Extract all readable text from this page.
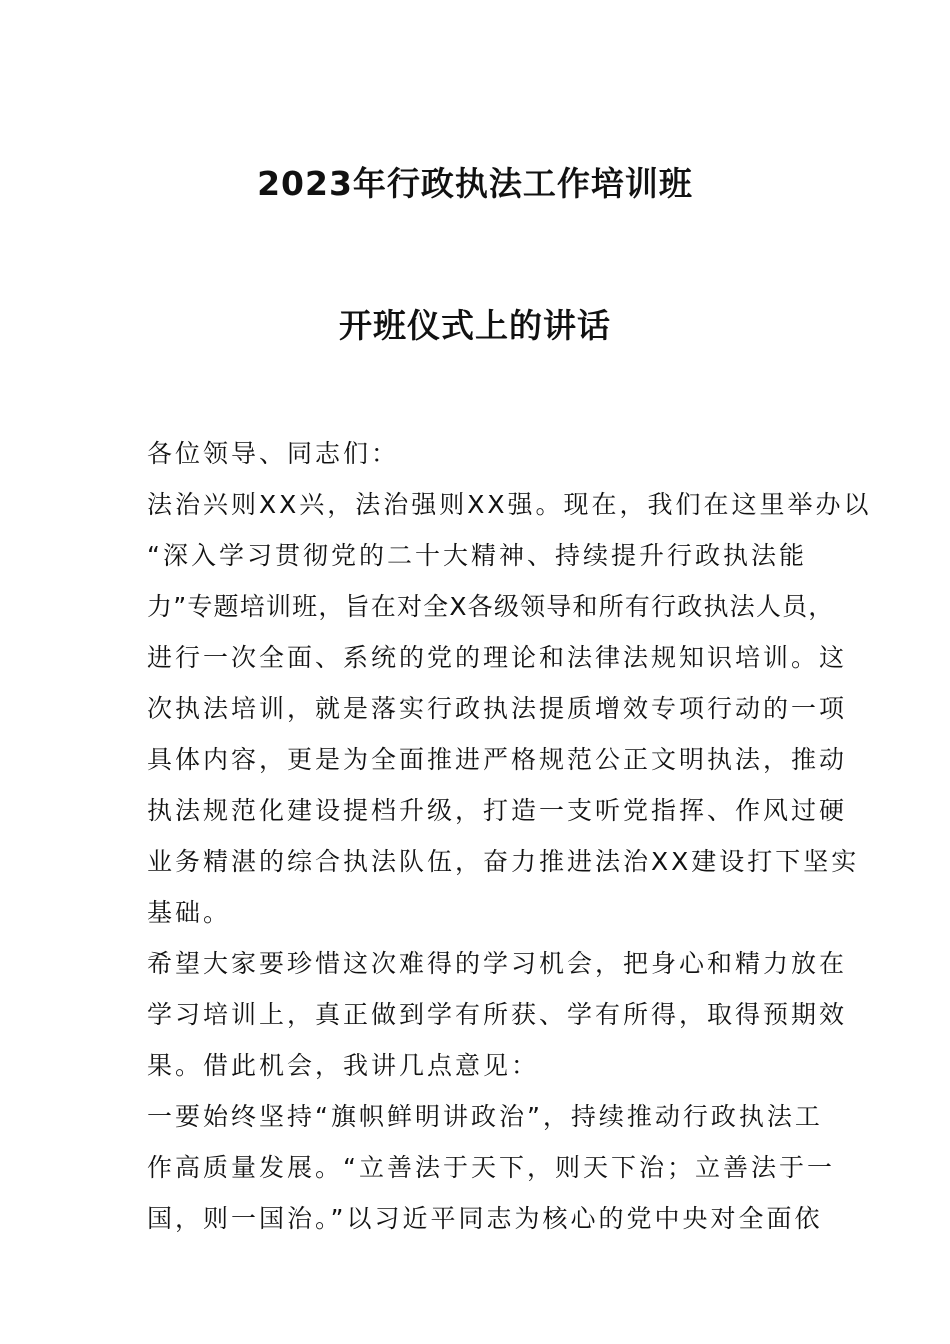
2023年行政执法工作培训班
开班仪式上的讲话
各位领导、同志们：
法治兴则XX兴，法治强则XX强。现在，我们在这里举办以
“深入学习贯彻党的二十大精神、持续提升行政执法能
力”专题培训班，旨在对全X各级领导和所有行政执法人员，
进行一次全面、系统的党的理论和法律法规知识培训。这
次执法培训，就是落实行政执法提质增效专项行动的一项
具体内容，更是为全面推进严格规范公正文明执法，推动
执法规范化建设提档升级，打造一支听党指挥、作风过硬
业务精湛的综合执法队伍，奋力推进法治XX建设打下坚实
基础。
希望大家要珍惜这次难得的学习机会，把身心和精力放在
学习培训上，真正做到学有所获、学有所得，取得预期效
果。借此机会，我讲几点意见：
一要始终坚持“旗帜鲜明讲政治”，持续推动行政执法工
作高质量发展。“立善法于天下，则天下治；立善法于一
国，则一国治。”以习近平同志为核心的党中央对全面依
